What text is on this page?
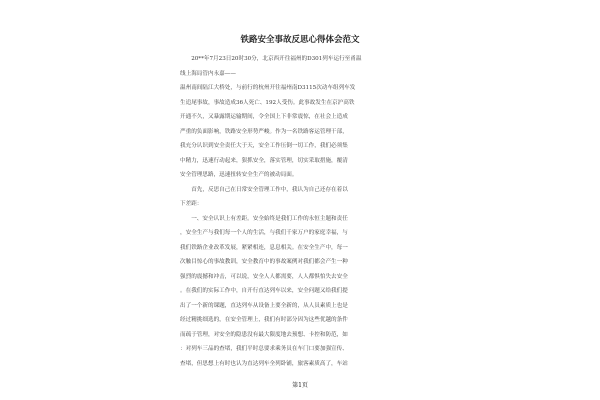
铁路安全事故反思心得体会范文
　　20**年7月23日20时30分，北京西开往福州的D301列车运行至甬温
线上海局管内永嘉——
温州南间陆江大桥处，与前行的杭州开往福州南D3115次动车组列车发
生追尾事故，事故造成36人死亡、192人受伤。此事故发生在京沪高铁
开通不久，又暴露期运输期间，令全国上下非常震惊，在社会上造成
严重的负面影响，铁路安全形势严峻。作为一名铁路客运管理干部，
我充分认识到安全责任大于天，安全工作压倒一切工作，我们必须集
中精力，迅速行动起来，狠抓安全，落实管理，切实采取措施，覆清
安全管理思路，迅速扭转安全生产的被动局面。
　　首先，反思自己在日常安全管理工作中，我认为自己还存在着以
下差距：
　　一、安全认识上有差距。安全始终是我们工作的永恒主题和责任
，安全生产与我们每一个人的生活，与我们千家万户的家庭幸福，与
我们铁路企业改革发展，紧紧相连，息息相关。在安全生产中，每一
次触目惊心的事故教训，安全教育中的事故案例对我们都会产生一种
强烈的震撼和冲击，可以说，安全人人都需要，人人都惧怕失去安全
。在我们的实际工作中，自开行直达列车以来，安全问题又给我们提
出了一个新的课题，直达列车从设备上要全新的，从人员素质上也是
经过精挑细选的，在安全管理上，我们有时部分因为这些优越的条件
而疏于管理，对安全的隐患没有最大限度地去预想、卡控和防范，如
：对列车三品的查堵，我们平时总要求乘务员在车门口要加强宣传、
查堵，但思想上有时也认为直达列车全列卧铺，旅客素质高了，车站
第1页
